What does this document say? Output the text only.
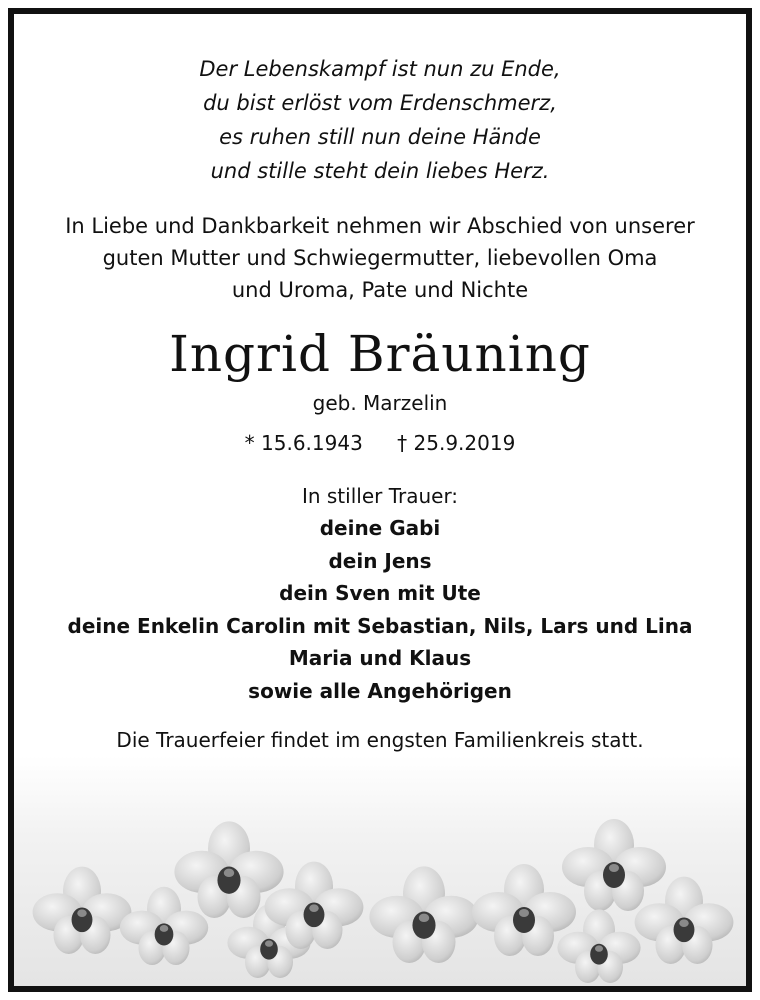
Der Lebenskampf ist nun zu Ende,
du bist erlöst vom Erdenschmerz,
es ruhen still nun deine Hände
und stille steht dein liebes Herz.
In Liebe und Dankbarkeit nehmen wir Abschied von unserer
guten Mutter und Schwiegermutter, liebevollen Oma
und Uroma, Pate und Nichte
Ingrid Bräuning
geb. Marzelin
* 15.6.1943 † 25.9.2019
In stiller Trauer:
deine Gabi
dein Jens
dein Sven mit Ute
deine Enkelin Carolin mit Sebastian, Nils, Lars und Lina
Maria und Klaus
sowie alle Angehörigen
Die Trauerfeier findet im engsten Familienkreis statt.
